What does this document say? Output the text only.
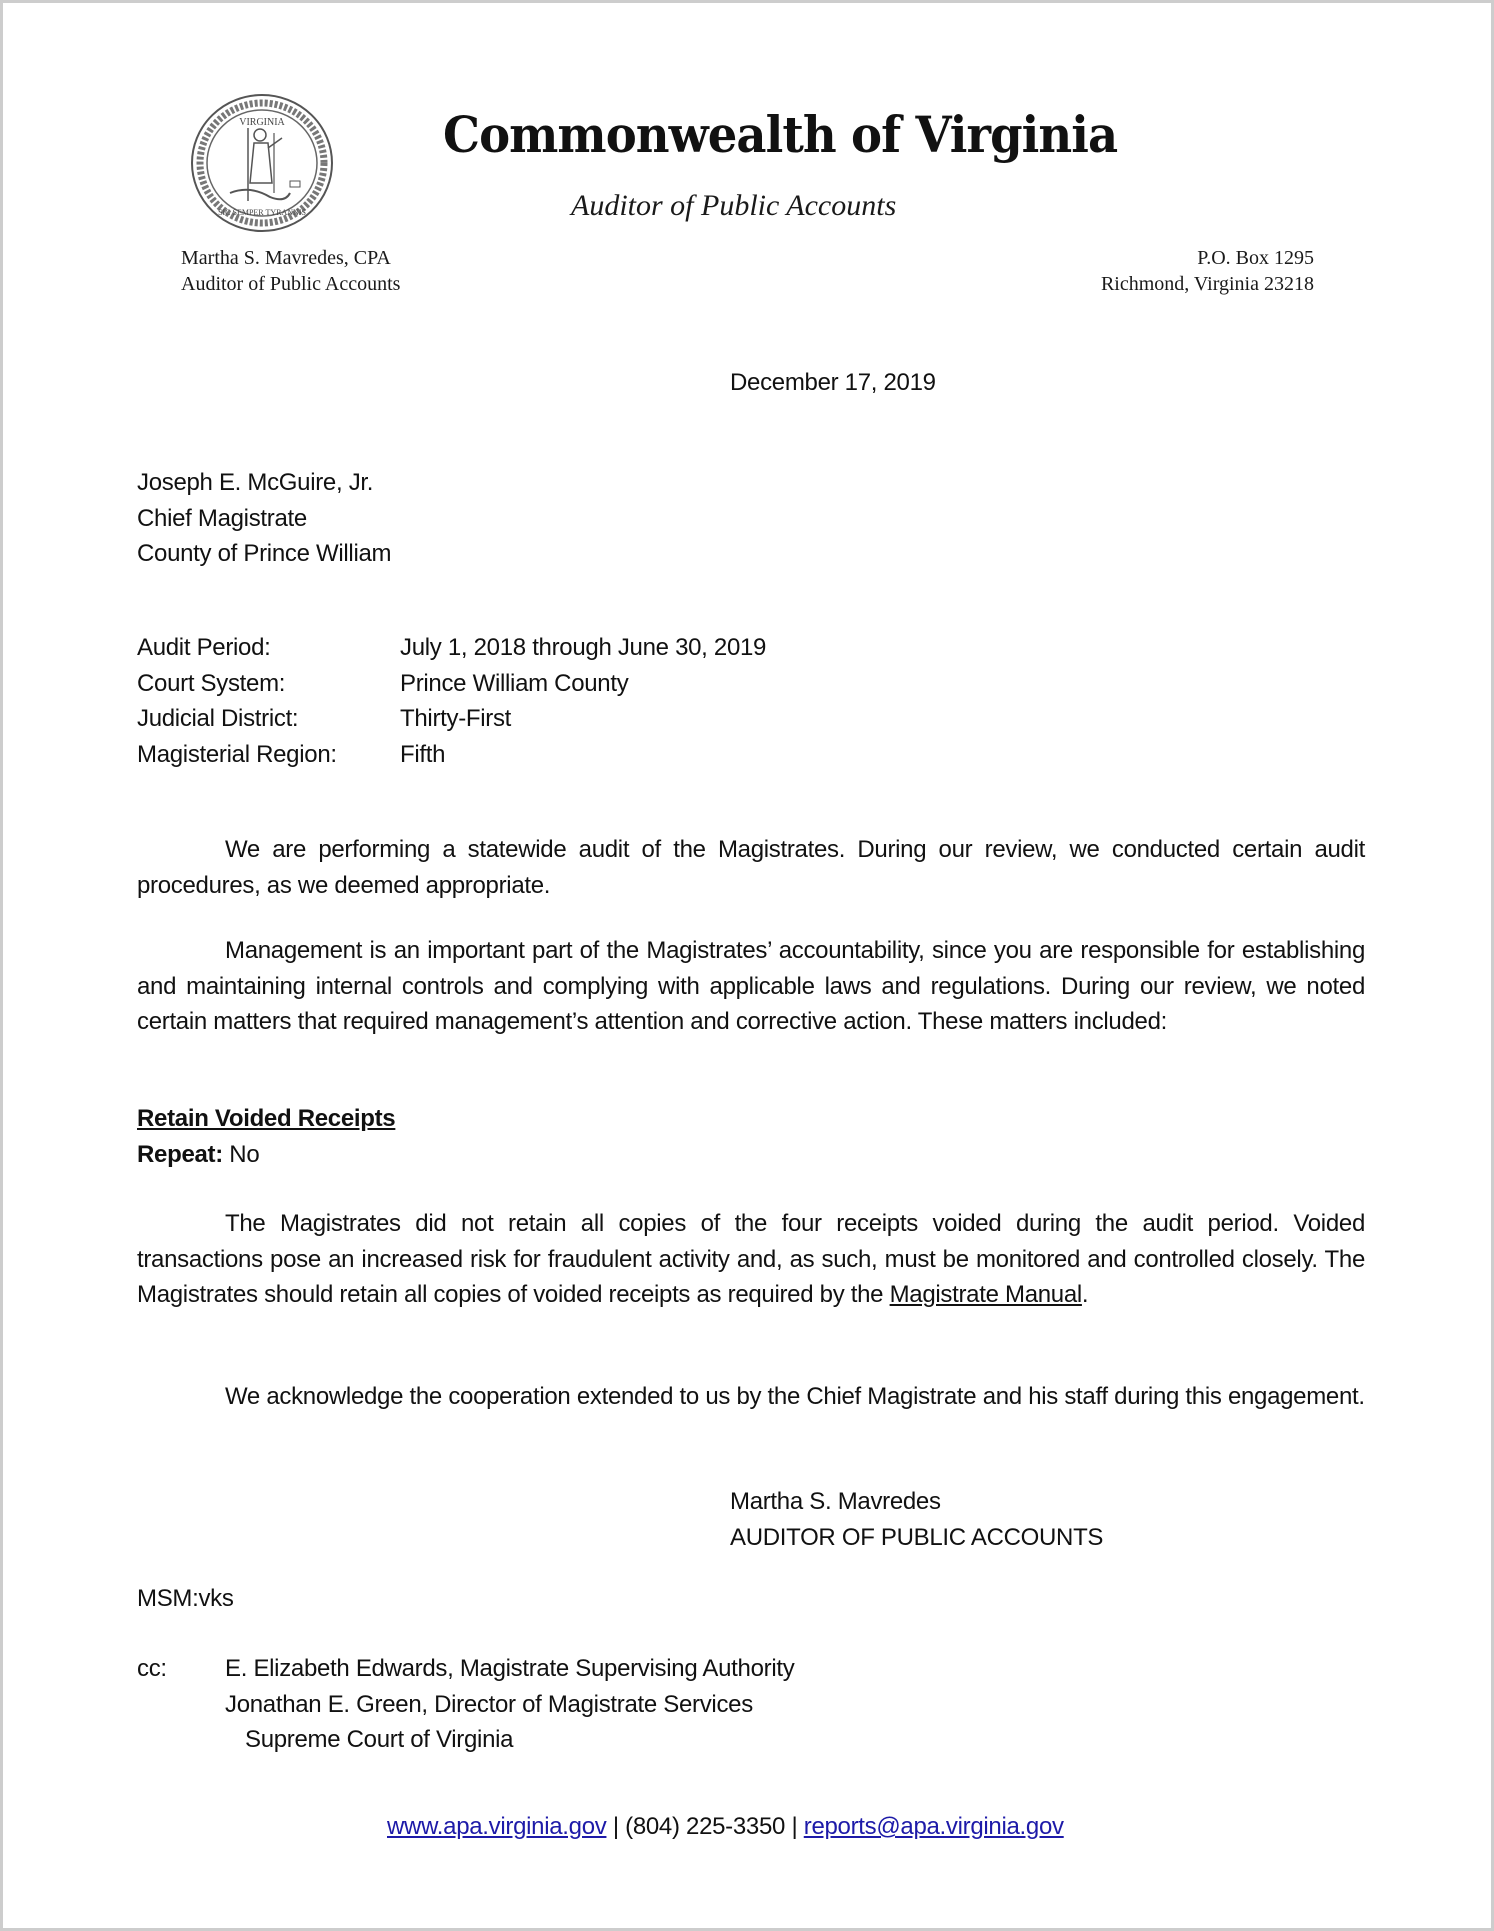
VIRGINIA
SIC SEMPER TYRANNIS
Commonwealth of Virginia
Auditor of Public Accounts
Martha S. Mavredes, CPA
Auditor of Public Accounts
P.O. Box 1295
Richmond, Virginia 23218
December 17, 2019
Joseph E. McGuire, Jr.
Chief Magistrate
County of Prince William
Audit Period:	July 1, 2018 through June 30, 2019
Court System:	Prince William County
Judicial District:	Thirty-First
Magisterial Region:	Fifth
We are performing a statewide audit of the Magistrates. During our review, we conducted certain audit procedures, as we deemed appropriate.
Management is an important part of the Magistrates’ accountability, since you are responsible for establishing and maintaining internal controls and complying with applicable laws and regulations. During our review, we noted certain matters that required management’s attention and corrective action. These matters included:
Retain Voided Receipts
Repeat: No
The Magistrates did not retain all copies of the four receipts voided during the audit period. Voided transactions pose an increased risk for fraudulent activity and, as such, must be monitored and controlled closely. The Magistrates should retain all copies of voided receipts as required by the Magistrate Manual.
We acknowledge the cooperation extended to us by the Chief Magistrate and his staff during this engagement.
Martha S. Mavredes
AUDITOR OF PUBLIC ACCOUNTS
MSM:vks
cc: E. Elizabeth Edwards, Magistrate Supervising Authority
Jonathan E. Green, Director of Magistrate Services
Supreme Court of Virginia
www.apa.virginia.gov | (804) 225-3350 | reports@apa.virginia.gov
